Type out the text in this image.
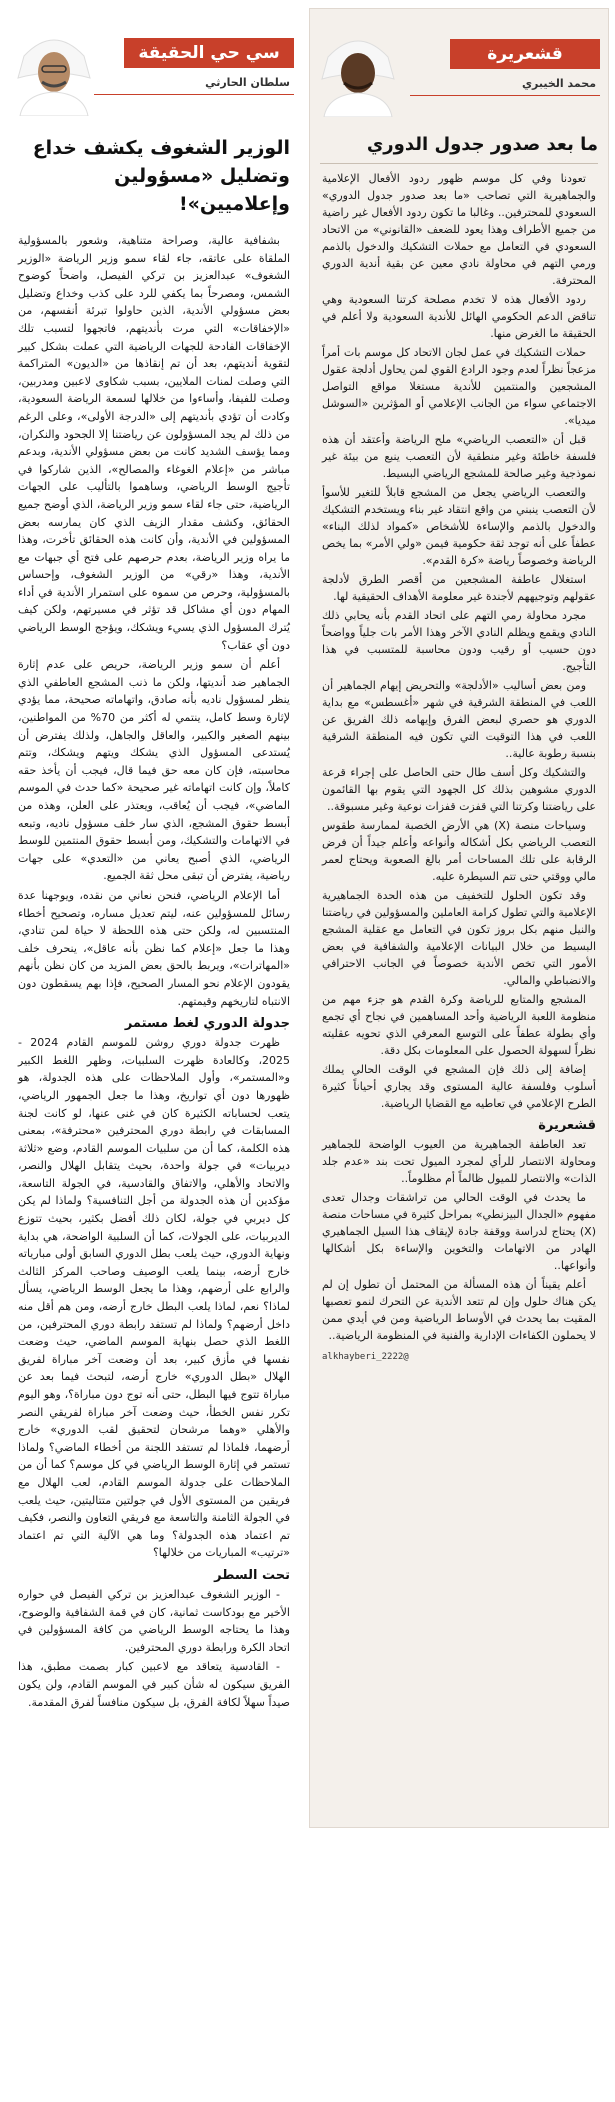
قشعريرة
محمد الخيبري
ما بعد صدور جدول الدوري

تعودنا وفي كل موسم ظهور ردود الأفعال الإعلامية والجماهيرية التي تصاحب «ما بعد صدور جدول الدوري» السعودي للمحترفين.. وغالبا ما تكون ردود الأفعال غير راضية من جميع الأطراف وهذا يعود للضعف «القانوني» من الاتحاد السعودي في التعامل مع حملات التشكيك والدخول بالذمم ورمي التهم في محاولة نادي معين عن بقية أندية الدوري المحترفة.

ردود الأفعال هذه لا تخدم مصلحة كرتنا السعودية وهي تناقض الدعم الحكومي الهائل للأندية السعودية ولا أعلم في الحقيقة ما الغرض منها.

حملات التشكيك في عمل لجان الاتحاد كل موسم بات أمراً مزعجاً نظراً لعدم وجود الرادع القوي لمن يحاول أدلجة عقول المشجعين والمنتمين للأندية مستغلا مواقع التواصل الاجتماعي سواء من الجانب الإعلامي أو المؤثرين «السوشل ميديا».

قبل أن «التعصب الرياضي» ملح الرياضة وأعتقد أن هذه فلسفة خاطئة وغير منطقية لأن التعصب ينبع من بيئة غير نموذجية وغير صالحة للمشجع الرياضي البسيط.

والتعصب الرياضي يجعل من المشجع قابلاً للتغير للأسوأ لأن التعصب ينبني من واقع انتقاد غير بناء ويستخدم التشكيك والدخول بالذمم والإساءة للأشخاص «كمواد لذلك البناء» عطفاً على أنه توجد ثقة حكومية فيمن «ولي الأمر» بما يخص الرياضة وخصوصاً رياضة «كرة القدم».

استغلال عاطفة المشجعين من أقصر الطرق لأدلجة عقولهم وتوجيههم لأجندة غير معلومة الأهداف الحقيقية لها.

مجرد محاولة رمي التهم على اتحاد القدم بأنه يحابي ذلك النادي ويقمع ويظلم النادي الآخر وهذا الأمر بات جلياً وواضحاً دون حسيب أو رقيب ودون محاسبة للمتسبب في هذا التأجيج.

ومن بعض أساليب «الأدلجة» والتحريض إيهام الجماهير أن اللعب في المنطقة الشرقية في شهر «أغسطس» مع بداية الدوري هو حصري لبعض الفرق وإيهامه ذلك الفريق عن اللعب في هذا التوقيت التي تكون فيه المنطقة الشرقية بنسبة رطوبة عالية..

والتشكيك وكل أسف طال حتى الحاصل على إجراء قرعة الدوري مشوهين بذلك كل الجهود التي يقوم بها القائمون على رياضتنا وكرتنا التي قفزت قفزات نوعية وغير مسبوقة..

وسياحات منصة (X) هي الأرض الخصبة لممارسة طقوس التعصب الرياضي بكل أشكاله وأنواعه وأعلم جيداً أن فرض الرقابة على تلك المساحات أمر بالغ الصعوبة ويحتاج لعمر مالي ووقتي حتى تتم السيطرة عليه.

وقد تكون الحلول للتخفيف من هذه الحدة الجماهيرية الإعلامية والتي تطول كرامة العاملين والمسؤولين في رياضتنا والنيل منهم بكل بروز تكون في التعامل مع عقلية المشجع البسيط من خلال البيانات الإعلامية والشفافية في بعض الأمور التي تخص الأندية خصوصاً في الجانب الاحترافي والانضباطي والمالي.

المشجع والمتابع للرياضة وكرة القدم هو جزء مهم من منظومة اللعبة الرياضية وأحد المساهمين في نجاح أي تجمع وأي بطولة عطفاً على التوسع المعرفي الذي تحويه عقليته نظراً لسهولة الحصول على المعلومات بكل دقة.

إضافة إلى ذلك فإن المشجع في الوقت الحالي يملك أسلوب وفلسفة عالية المستوى وقد يجاري أحياناً كثيرة الطرح الإعلامي في تعاطيه مع القضايا الرياضية.

قشعريرة

تعد العاطفة الجماهيرية من العيوب الواضحة للجماهير ومحاولة الانتصار للرأي لمجرد الميول تحت بند «عدم جلد الذات» والانتصار للميول ظالماً أم مظلوماً..

ما يحدث في الوقت الحالي من تراشقات وجدال تعدى مفهوم «الجدال البيزنطي» بمراحل كثيرة في مساحات منصة (X) يحتاج لدراسة ووقفة جادة لإيقاف هذا السيل الجماهيري الهادر من الاتهامات والتخوين والإساءة بكل أشكالها وأنواعها..

أعلم يقيناً أن هذه المسألة من المحتمل أن تطول إن لم يكن هناك حلول وإن لم تتعد الأندية عن التحرك لنمو تعصبها المقيت بما يحدث في الأوساط الرياضية ومن في أيدي ممن لا يحملون الكفاءات الإدارية والفنية في المنظومة الرياضية..

alkhayberi_2222@
سي حي الحقيقة
سلطان الحارثي
الوزير الشغوف يكشف خداع وتضليل «مسؤولين وإعلاميين»!

بشفافية عالية، وصراحة متناهية، وشعور بالمسؤولية الملقاة على عاتقه، جاء لقاء سمو وزير الرياضة «الوزير الشغوف» عبدالعزيز بن تركي الفيصل، واضحاً كوضوح الشمس، ومصرحاً بما يكفي للرد على كذب وخداع وتضليل بعض مسؤولي الأندية، الذين حاولوا تبرئة أنفسهم، من «الإخفاقات» التي مرت بأنديتهم، فاتجهوا لتسبب تلك الإخفاقات الفادحة للجهات الرياضية التي عملت بشكل كبير لتقوية أنديتهم، بعد أن تم إنقاذها من «الديون» المتراكمة التي وصلت لمنات الملايين، بسبب شكاوى لاعبين ومدربين، وصلت للفيفا، وأساءوا من خلالها لسمعة الرياضة السعودية، وكادت أن تؤدي بأنديتهم إلى «الدرجة الأولى»، وعلى الرغم من ذلك لم يجد المسؤولون عن رياضتنا إلا الجحود والنكران، ومما يؤسف الشديد كانت من بعض مسؤولي الأندية، وبدعم مباشر من «إعلام الغوغاء والمصالح»، الذين شاركوا في تأجيج الوسط الرياضي، وساهموا بالتأليب على الجهات الرياضية، حتى جاء لقاء سمو وزير الرياضة، الذي أوضح جميع الحقائق، وكشف مقدار الزيف الذي كان يمارسه بعض المسؤولين في الأندية، وأن كانت هذه الحقائق تأخرت، وهذا ما يراه وزير الرياضة، بعدم حرصهم على فتح أي جبهات مع الأندية، وهذا «رقي» من الوزير الشغوف، وإحساس بالمسؤولية، وحرص من سموه على استمرار الأندية في أداء المهام دون أي مشاكل قد تؤثر في مسيرتهم، ولكن كيف يُترك المسؤول الذي يسيء ويشكك، ويؤجج الوسط الرياضي دون أي عقاب؟

أعلم أن سمو وزير الرياضة، حريص على عدم إثارة الجماهير ضد أنديتها، ولكن ما ذنب المشجع العاطفي الذي ينظر لمسؤول ناديه بأنه صادق، واتهاماته صحيحة، مما يؤدي لإثارة وسط كامل، ينتمي له أكثر من 70% من المواطنين، بينهم الصغير والكبير، والعاقل والجاهل، ولذلك يفترض أن يُستدعى المسؤول الذي يشكك ويتهم ويشكك، وتتم محاسبته، فإن كان معه حق فيما قال، فيجب أن يأخذ حقه كاملاً، وإن كانت اتهاماته غير صحيحة «كما حدث في الموسم الماضي»، فيجب أن يُعاقب، ويعتذر على العلن، وهذه من أبسط حقوق المشجع، الذي سار خلف مسؤول ناديه، وتبعه في الاتهامات والتشكيك، ومن أبسط حقوق المنتمين للوسط الرياضي، الذي أصبح يعاني من «التعدي» على جهات رياضية، يفترض أن تبقى محل ثقة الجميع.

أما الإعلام الرياضي، فنحن نعاني من نقده، ويوجهنا عدة رسائل للمسؤولين عنه، ليتم تعديل مساره، وتصحيح أخطاء المنتسبين له، ولكن حتى هذه اللحظة لا حياة لمن تنادي، وهذا ما جعل «إعلام كما نظن بأنه عاقل»، ينحرف خلف «المهاترات»، ويربط بالحق بعض المزيد من كان نظن بأنهم يقودون الإعلام نحو المسار الصحيح، فإذا بهم يسقطون دون الانتباه لتاريخهم وقيمتهم.

جدولة الدوري لغط مستمر

ظهرت جدولة دوري روشن للموسم القادم 2024 - 2025، وكالعادة ظهرت السلبيات، وظهر اللغط الكبير و«المستمر»، وأول الملاحظات على هذه الجدولة، هو ظهورها دون أي تواريخ، وهذا ما جعل الجمهور الرياضي، يتعب لحساباته الكثيرة كان في غنى عنها، لو كانت لجنة المسابقات في رابطة دوري المحترفين «محترفة»، بمعنى هذه الكلمة، كما أن من سلبيات الموسم القادم، وضع «ثلاثة ديربيات» في جولة واحدة، بحيث يتقابل الهلال والنصر، والاتحاد والأهلي، والاتفاق والقادسية، في الجولة التاسعة، مؤكدين أن هذه الجدولة من أجل التنافسية؟ ولماذا لم يكن كل ديربي في جولة، لكان ذلك أفضل بكثير، بحيث تتوزع الديربيات، على الجولات، كما أن السلبية الواضحة، هي بداية ونهاية الدوري، حيث يلعب بطل الدوري السابق أولى مبارياته خارج أرضه، بينما يلعب الوصيف وصاحب المركز الثالث والرابع على أرضهم، وهذا ما يجعل الوسط الرياضي، يسأل لماذا؟ نعم، لماذا يلعب البطل خارج أرضه، ومن هم أقل منه داخل أرضهم؟ ولماذا لم تستفد رابطة دوري المحترفين، من اللغط الذي حصل بنهاية الموسم الماضي، حيث وضعت نفسها في مأزق كبير، بعد أن وضعت آخر مباراة لفريق الهلال «بطل الدوري» خارج أرضه، لتبحث فيما بعد عن مباراة تتوج فيها البطل، حتى أنه توج دون مباراة؟، وهو اليوم تكرر نفس الخطأ، حيث وضعت آخر مباراة لفريقي النصر والأهلي «وهما مرشحان لتحقيق لقب الدوري» خارج أرضهما، فلماذا لم تستفد اللجنة من أخطاء الماضي؟ ولماذا تستمر في إثارة الوسط الرياضي في كل موسم؟ كما أن من الملاحظات على جدولة الموسم القادم، لعب الهلال مع فريقين من المستوى الأول في جولتين متتاليتين، حيث يلعب في الجولة الثامنة والتاسعة مع فريقي التعاون والنصر، فكيف تم اعتماد هذه الجدولة؟ وما هي الآلية التي تم اعتماد «ترتيب» المباريات من خلالها؟

تحت السطر

- الوزير الشغوف عبدالعزيز بن تركي الفيصل في حواره الأخير مع بودكاست ثمانية، كان في قمة الشفافية والوضوح، وهذا ما يحتاجه الوسط الرياضي من كافة المسؤولين في اتحاد الكرة ورابطة دوري المحترفين.

- القادسية يتعاقد مع لاعبين كبار بصمت مطبق، هذا الفريق سيكون له شأن كبير في الموسم القادم، ولن يكون صيداً سهلاً لكافة الفرق، بل سيكون منافساً لفرق المقدمة.
